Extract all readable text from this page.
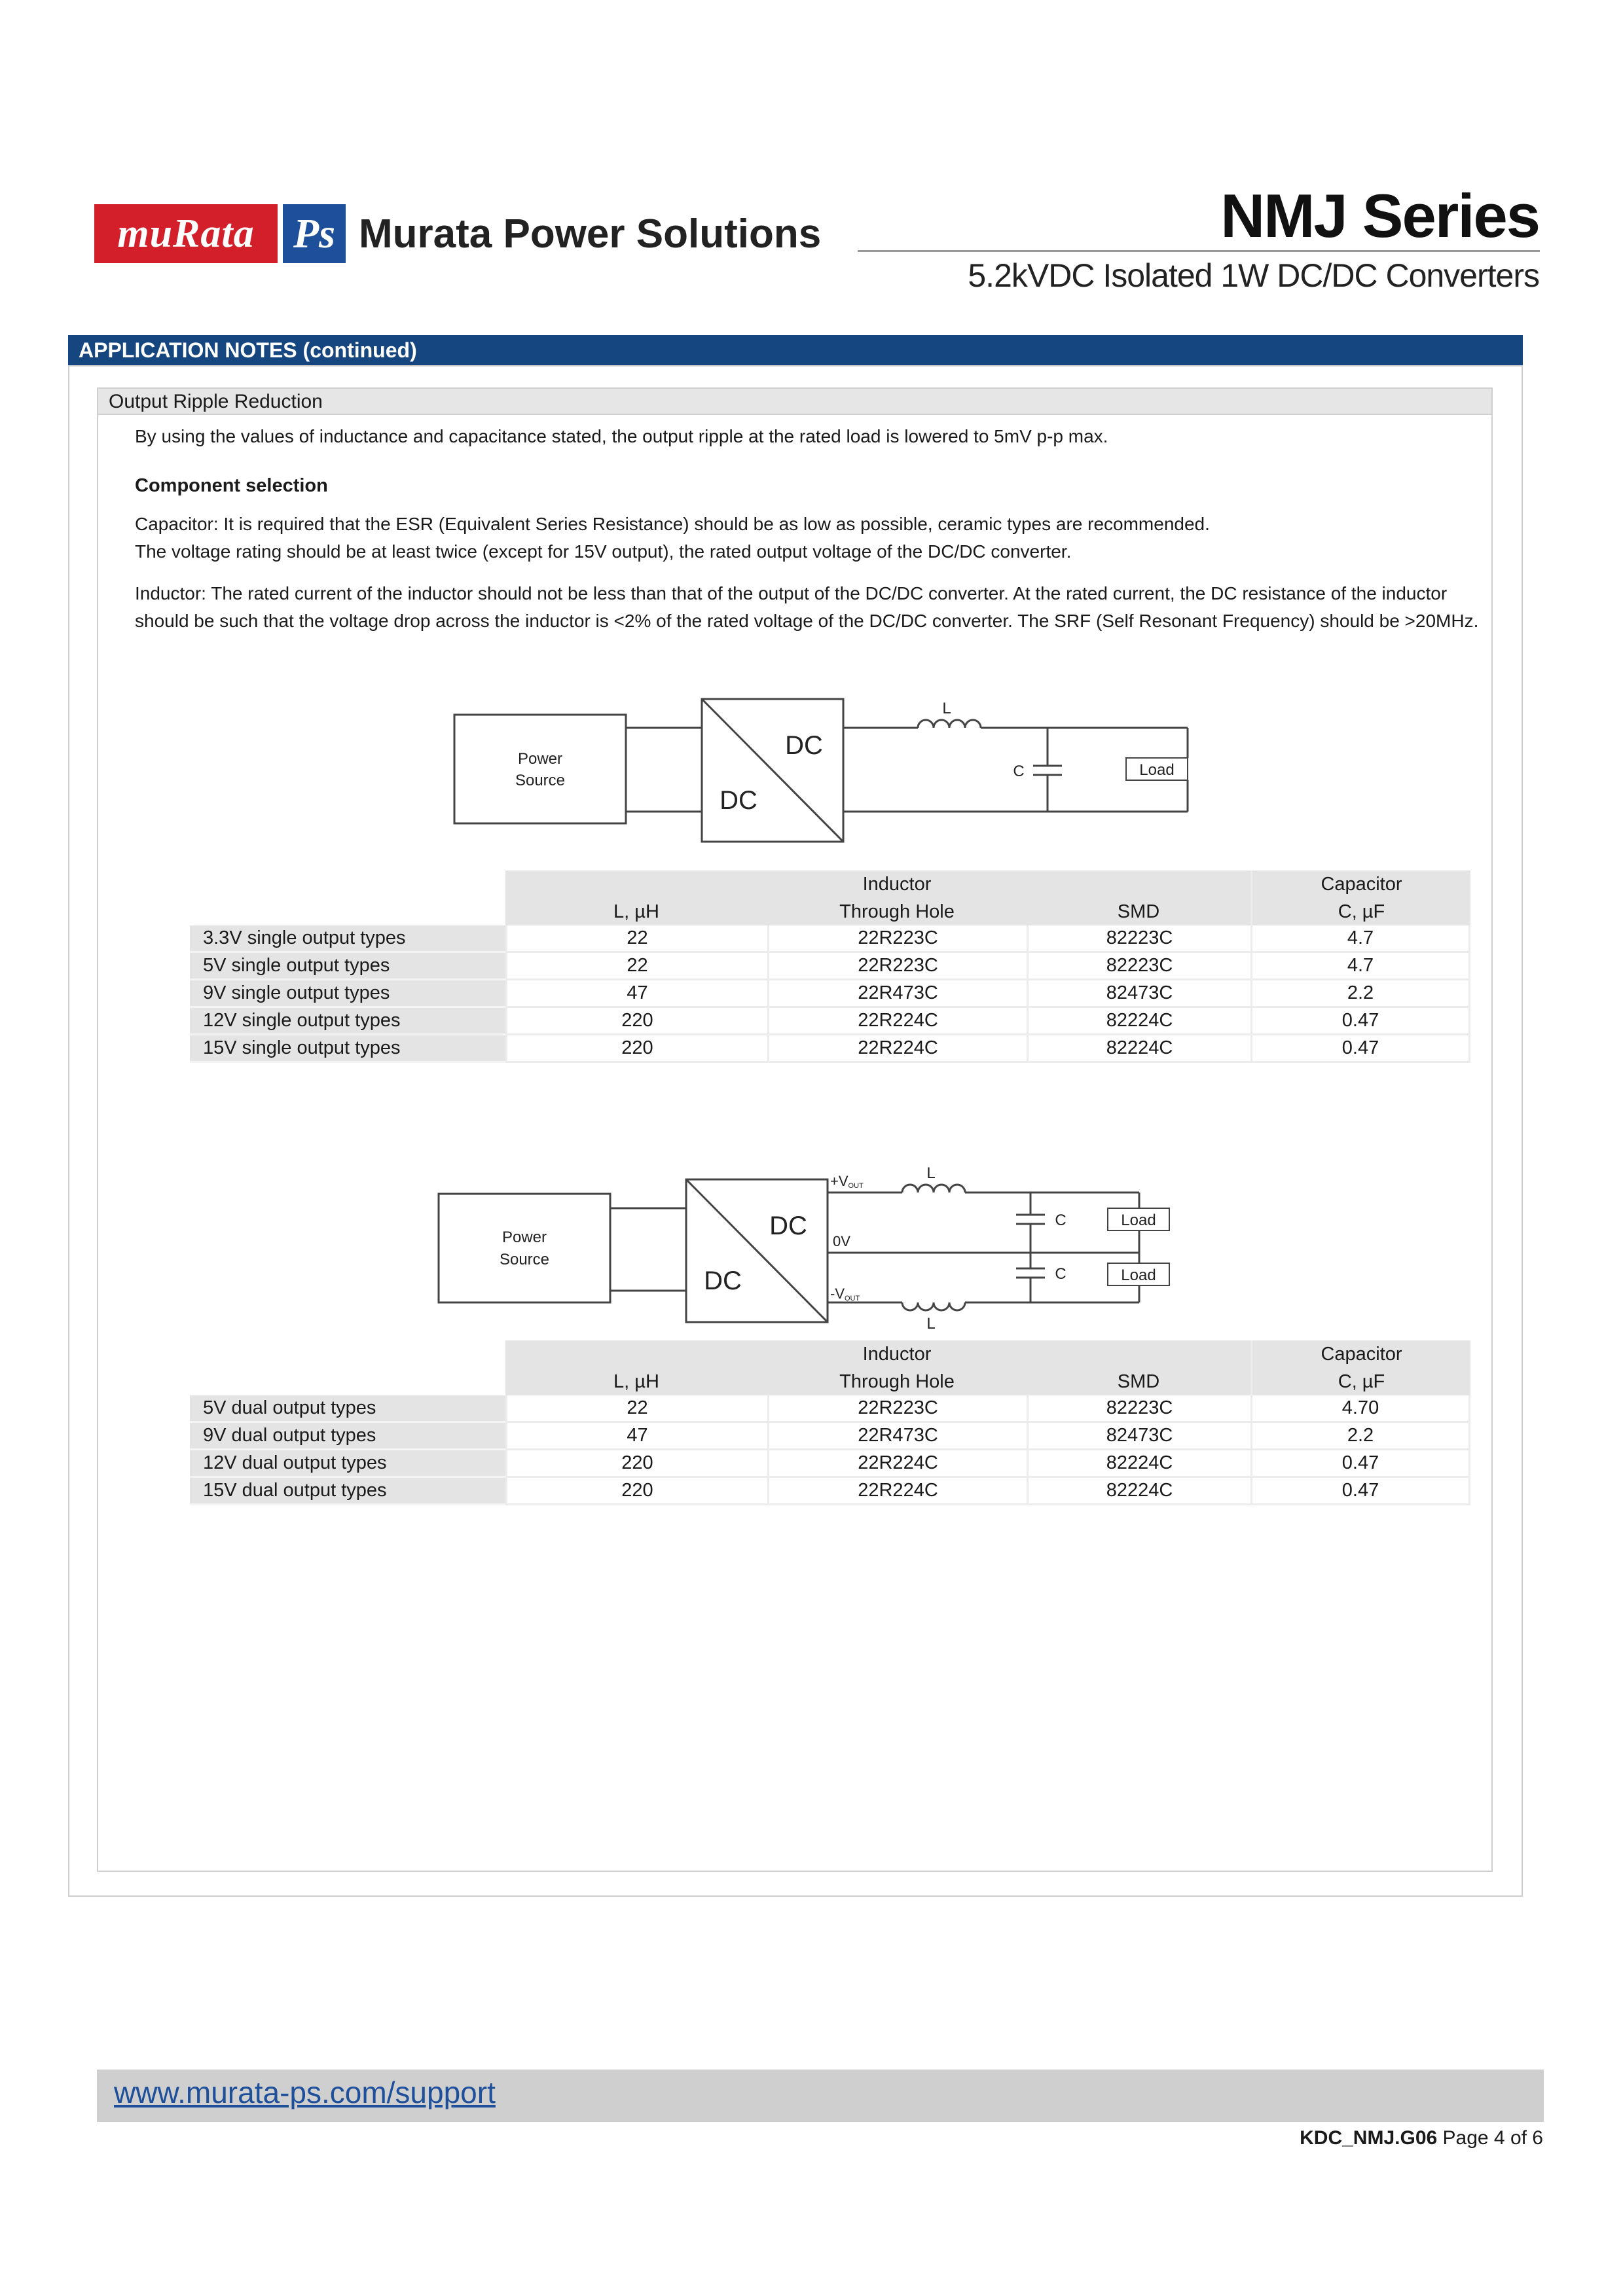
muRata Ps Murata Power Solutions	NMJ Series
5.2kVDC Isolated 1W DC/DC Converters
APPLICATION NOTES (continued)
Output Ripple Reduction
By using the values of inductance and capacitance stated, the output ripple at the rated load is lowered to 5mV p-p max.
Component selection
Capacitor: It is required that the ESR (Equivalent Series Resistance) should be as low as possible, ceramic types are recommended.
The voltage rating should be at least twice (except for 15V output), the rated output voltage of the DC/DC converter.
Inductor: The rated current of the inductor should not be less than that of the output of the DC/DC converter. At the rated current, the DC resistance of the inductor should be such that the voltage drop across the inductor is <2% of the rated voltage of the DC/DC converter. The SRF (Self Resonant Frequency) should be >20MHz.
Power
Source
DC
DC
L
C	Load
		Inductor		Capacitor
	L, µH	Through Hole	SMD	C, µF
3.3V single output types	22	22R223C	82223C	4.7
5V single output types	22	22R223C	82223C	4.7
9V single output types	47	22R473C	82473C	2.2
12V single output types	220	22R224C	82224C	0.47
15V single output types	220	22R224C	82224C	0.47
Power
Source
DC
DC
+VOUT
0V
-VOUT
L
L
C
C
Load
Load
		Inductor		Capacitor
	L, µH	Through Hole	SMD	C, µF
5V dual output types	22	22R223C	82223C	4.70
9V dual output types	47	22R473C	82473C	2.2
12V dual output types	220	22R224C	82224C	0.47
15V dual output types	220	22R224C	82224C	0.47
www.murata-ps.com/support
KDC_NMJ.G06 Page 4 of 6
